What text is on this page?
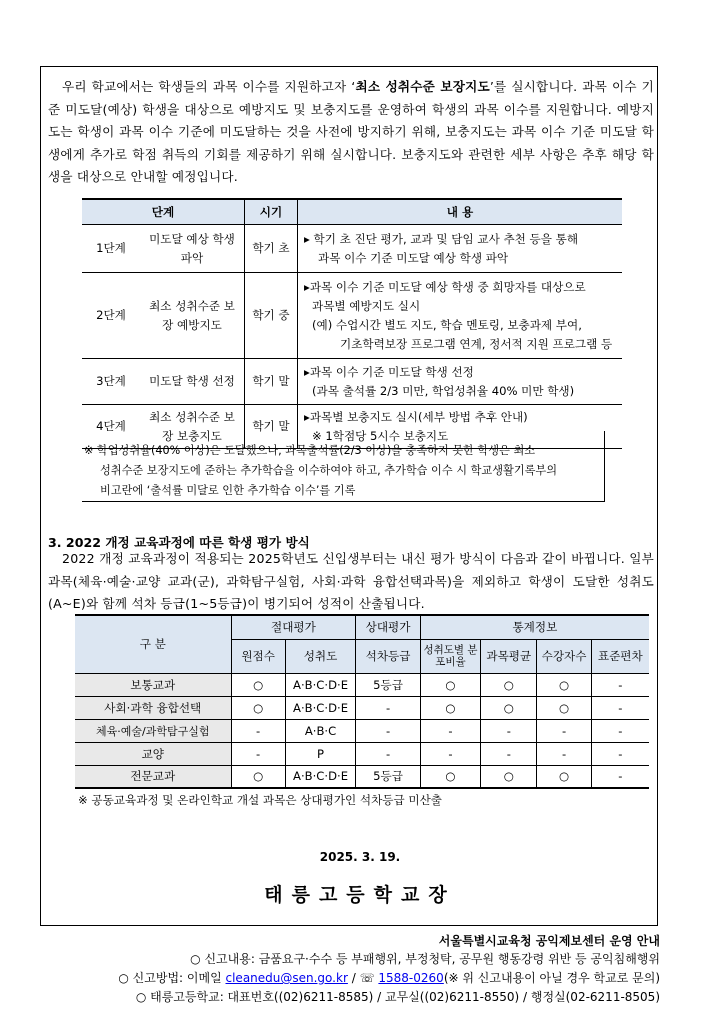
우리 학교에서는 학생들의 과목 이수를 지원하고자 ‘최소 성취수준 보장지도’를 실시합니다. 과목 이수 기준 미도달(예상) 학생을 대상으로 예방지도 및 보충지도를 운영하여 학생의 과목 이수를 지원합니다. 예방지도는 학생이 과목 이수 기준에 미도달하는 것을 사전에 방지하기 위해, 보충지도는 과목 이수 기준 미도달 학생에게 추가로 학점 취득의 기회를 제공하기 위해 실시합니다. 보충지도와 관련한 세부 사항은 추후 해당 학생을 대상으로 안내할 예정입니다.
단계		시기	내 용
1단계	미도달 예상 학생 파악	학기 초	▸ 학기 초 진단 평가, 교과 및 담임 교사 추천 등을 통해
과목 이수 기준 미도달 예상 학생 파악

2단계	최소 성취수준 보장 예방지도	학기 중	▸과목 이수 기준 미도달 예상 학생 중 희망자를 대상으로
과목별 예방지도 실시
(예) 수업시간 별도 지도, 학습 멘토링, 보충과제 부여,
기초학력보장 프로그램 연계, 정서적 지원 프로그램 등

3단계	미도달 학생 선정	학기 말	▸과목 이수 기준 미도달 학생 선정
(과목 출석률 2/3 미만, 학업성취율 40% 미만 학생)

4단계	최소 성취수준 보장 보충지도	학기 말	▸과목별 보충지도 실시(세부 방법 추후 안내)
※ 1학점당 5시수 보충지도
※ 학업성취율(40% 이상)은 도달했으나, 과목출석률(2/3 이상)을 충족하지 못한 학생은 최소
성취수준 보장지도에 준하는 추가학습을 이수하여야 하고, 추가학습 이수 시 학교생활기록부의
비고란에 ‘출석률 미달로 인한 추가학습 이수’를 기록
3. 2022 개정 교육과정에 따른 학생 평가 방식
2022 개정 교육과정이 적용되는 2025학년도 신입생부터는 내신 평가 방식이 다음과 같이 바뀝니다. 일부 과목(체육·예술·교양 교과(군), 과학탐구실험, 사회·과학 융합선택과목)을 제외하고 학생이 도달한 성취도(A~E)와 함께 석차 등급(1~5등급)이 병기되어 성적이 산출됩니다.
구 분	절대평가		상대평가	통계정보			
	원점수	성취도	석차등급	성취도별 분포비율	과목평균	수강자수	표준편차
보통교과	○	A·B·C·D·E	5등급	○	○	○	-
사회·과학 융합선택	○	A·B·C·D·E	-	○	○	○	-
체육·예술/과학탐구실험	-	A·B·C	-	-	-	-	-
교양	-	P	-	-	-	-	-
전문교과	○	A·B·C·D·E	5등급	○	○	○	-
※ 공동교육과정 및 온라인학교 개설 과목은 상대평가인 석차등급 미산출
2025. 3. 19.
태릉고등학교장
서울특별시교육청 공익제보센터 운영 안내
○ 신고내용: 금품요구·수수 등 부패행위, 부정청탁, 공무원 행동강령 위반 등 공익침해행위
○ 신고방법: 이메일 cleanedu@sen.go.kr / ☏ 1588-0260(※ 위 신고내용이 아닐 경우 학교로 문의)
○ 태릉고등학교: 대표번호((02)6211-8585) / 교무실((02)6211-8550) / 행정실(02-6211-8505)
